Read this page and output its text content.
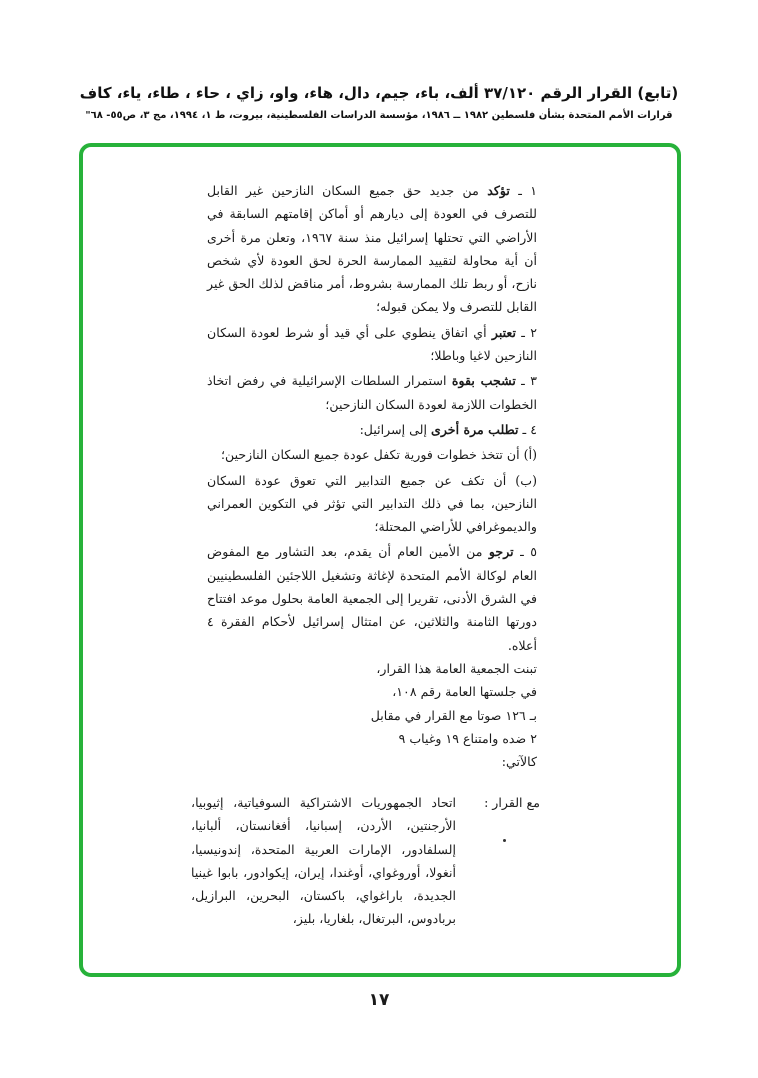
(تابع) القرار الرقم ٣٧/١٢٠ ألف، باء، جيم، دال، هاء، واو، زاي ، حاء ، طاء، ياء، كاف
قرارات الأمم المتحدة بشأن فلسطين ١٩٨٢ ــ ١٩٨٦، مؤسسة الدراسات الفلسطينية، بيروت، ط ١، ١٩٩٤، مج ٣، ص٥٥- ٦٨"

١ ـ تؤكد من جديد حق جميع السكان النازحين غير القابل للتصرف في العودة إلى ديارهم أو أماكن إقامتهم السابقة في الأراضي التي تحتلها إسرائيل منذ سنة ١٩٦٧، وتعلن مرة أخرى أن أية محاولة لتقييد الممارسة الحرة لحق العودة لأي شخص نازح، أو ربط تلك الممارسة بشروط، أمر مناقض لذلك الحق غير القابل للتصرف ولا يمكن قبوله؛

٢ ـ تعتبر أي اتفاق ينطوي على أي قيد أو شرط لعودة السكان النازحين لاغيا وباطلا؛

٣ ـ تشجب بقوة استمرار السلطات الإسرائيلية في رفض اتخاذ الخطوات اللازمة لعودة السكان النازحين؛

٤ ـ تطلب مرة أخرى إلى إسرائيل:

(أ) أن تتخذ خطوات فورية تكفل عودة جميع السكان النازحين؛

(ب) أن تكف عن جميع التدابير التي تعوق عودة السكان النازحين، بما في ذلك التدابير التي تؤثر في التكوين العمراني والديموغرافي للأراضي المحتلة؛

٥ ـ ترجو من الأمين العام أن يقدم، بعد التشاور مع المفوض العام لوكالة الأمم المتحدة لإغاثة وتشغيل اللاجئين الفلسطينيين في الشرق الأدنى، تقريرا إلى الجمعية العامة بحلول موعد افتتاح دورتها الثامنة والثلاثين، عن امتثال إسرائيل لأحكام الفقرة ٤ أعلاه.

تبنت الجمعية العامة هذا القرار،
في جلستها العامة رقم ١٠٨،
بـ ١٢٦ صوتا مع القرار في مقابل
٢ ضده وامتناع ١٩ وغياب ٩
كالآتي:
مع القرار :
اتحاد الجمهوريات الاشتراكية السوفياتية، إثيوبيا، الأرجنتين، الأردن، إسبانيا، أفغانستان، ألبانيا، إلسلفادور، الإمارات العربية المتحدة، إندونيسيا، أنغولا، أوروغواي، أوغندا، إيران، إيكوادور، بابوا غينيا الجديدة، باراغواي، باكستان، البحرين، البرازيل، بربادوس، البرتغال، بلغاريا، بليز،
١٧
